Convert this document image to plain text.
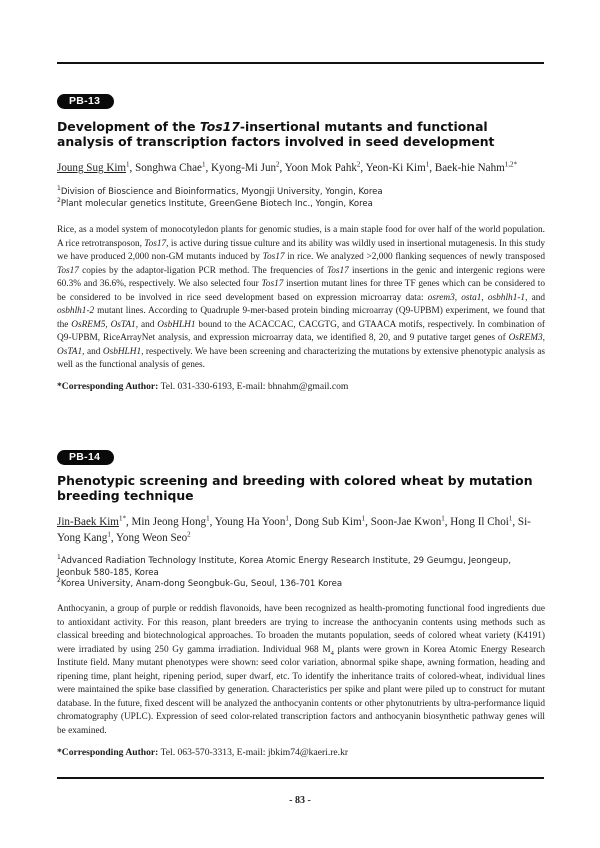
PB-13
Development of the Tos17-insertional mutants and functional analysis of transcription factors involved in seed development
Joung Sug Kim$^1$, Songhwa Chae$^1$, Kyong-Mi Jun$^2$, Yoon Mok Pahk$^2$, Yeon-Ki Kim$^1$, Baek-hie Nahm$^{1,2*}$
$^1$Division of Bioscience and Bioinformatics, Myongji University, Yongin, Korea
$^2$Plant molecular genetics Institute, GreenGene Biotech Inc., Yongin, Korea
Rice, as a model system of monocotyledon plants for genomic studies, is a main staple food for over half of the world population. A rice retrotransposon, Tos17, is active during tissue culture and its ability was wildly used in insertional mutagenesis. In this study we have produced 2,000 non-GM mutants induced by Tos17 in rice. We analyzed >2,000 flanking sequences of newly transposed Tos17 copies by the adaptor-ligation PCR method. The frequencies of Tos17 insertions in the genic and intergenic regions were 60.3% and 36.6%, respectively. We also selected four Tos17 insertion mutant lines for three TF genes which can be considered to be considered to be involved in rice seed development based on expression microarray data: osrem3, osta1, osbhlh1-1, and osbhlh1-2 mutant lines. According to Quadruple 9-mer-based protein binding microarray (Q9-UPBM) experiment, we found that the OsREM5, OsTA1, and OsbHLH1 bound to the ACACCAC, CACGTG, and GTAACA motifs, respectively. In combination of Q9-UPBM, RiceArrayNet analysis, and expression microarray data, we identified 8, 20, and 9 putative target genes of OsREM3, OsTA1, and OsbHLH1, respectively. We have been screening and characterizing the mutations by extensive phenotypic analysis as well as the functional analysis of genes.
*Corresponding Author: Tel. 031-330-6193, E-mail: bhnahm@gmail.com
PB-14
Phenotypic screening and breeding with colored wheat by mutation breeding technique
Jin-Baek Kim$^{1*}$, Min Jeong Hong$^1$, Young Ha Yoon$^1$, Dong Sub Kim$^1$, Soon-Jae Kwon$^1$, Hong Il Choi$^1$, Si-Yong Kang$^1$, Yong Weon Seo$^2$
$^1$Advanced Radiation Technology Institute, Korea Atomic Energy Research Institute, 29 Geumgu, Jeongeup, Jeonbuk 580-185, Korea
$^2$Korea University, Anam-dong Seongbuk-Gu, Seoul, 136-701 Korea
Anthocyanin, a group of purple or reddish flavonoids, have been recognized as health-promoting functional food ingredients due to antioxidant activity. For this reason, plant breeders are trying to increase the anthocyanin contents using methods such as classical breeding and biotechnological approaches. To broaden the mutants population, seeds of colored wheat variety (K4191) were irradiated by using 250 Gy gamma irradiation. Individual 968 $M_4$ plants were grown in Korea Atomic Energy Research Institute field. Many mutant phenotypes were shown: seed color variation, abnormal spike shape, awning formation, heading and ripening time, plant height, ripening period, super dwarf, etc. To identify the inheritance traits of colored-wheat, individual lines were maintained the spike base classified by generation. Characteristics per spike and plant were piled up to construct for mutant database. In the future, fixed descent will be analyzed the anthocyanin contents or other phytonutrients by ultra-performance liquid chromatography (UPLC). Expression of seed color-related transcription factors and anthocyanin biosynthetic pathway genes will be examined.
*Corresponding Author: Tel. 063-570-3313, E-mail: jbkim74@kaeri.re.kr
- 83 -
